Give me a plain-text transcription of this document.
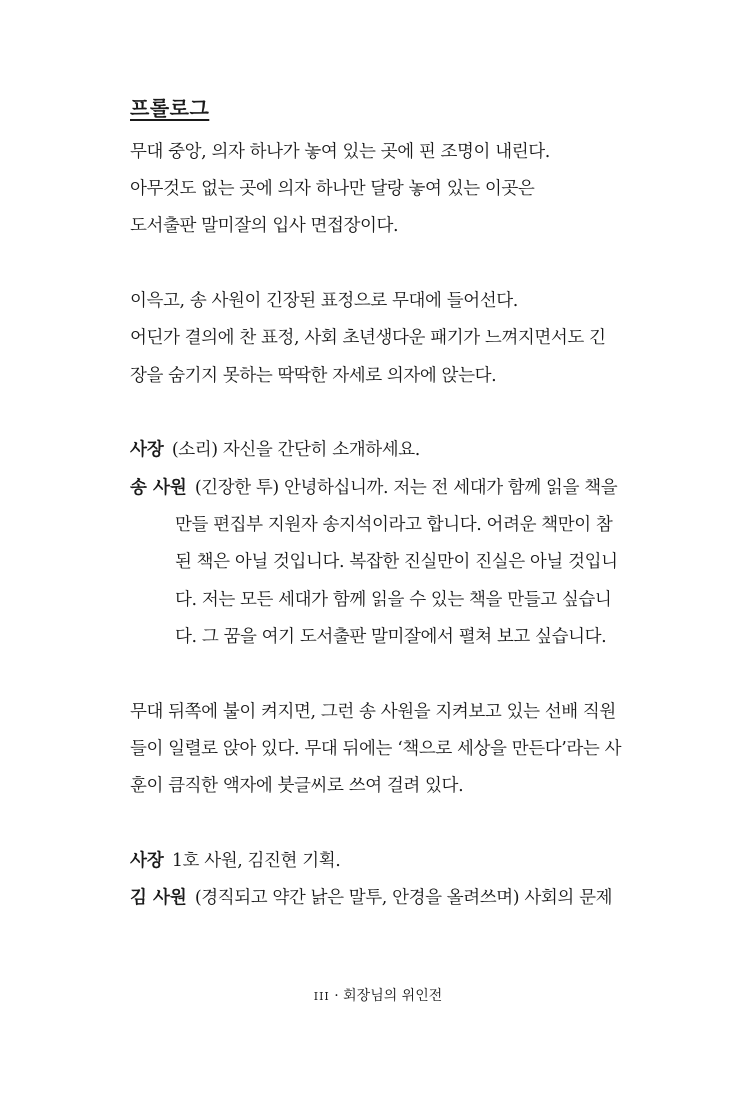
프롤로그

무대 중앙, 의자 하나가 놓여 있는 곳에 핀 조명이 내린다.

아무것도 없는 곳에 의자 하나만 달랑 놓여 있는 이곳은

도서출판 말미잘의 입사 면접장이다.

이윽고, 송 사원이 긴장된 표정으로 무대에 들어선다.

어딘가 결의에 찬 표정, 사회 초년생다운 패기가 느껴지면서도 긴

장을 숨기지 못하는 딱딱한 자세로 의자에 앉는다.

사장 (소리) 자신을 간단히 소개하세요.

송 사원 (긴장한 투) 안녕하십니까. 저는 전 세대가 함께 읽을 책을

만들 편집부 지원자 송지석이라고 합니다. 어려운 책만이 참

된 책은 아닐 것입니다. 복잡한 진실만이 진실은 아닐 것입니

다. 저는 모든 세대가 함께 읽을 수 있는 책을 만들고 싶습니

다. 그 꿈을 여기 도서출판 말미잘에서 펼쳐 보고 싶습니다.

무대 뒤쪽에 불이 켜지면, 그런 송 사원을 지켜보고 있는 선배 직원

들이 일렬로 앉아 있다. 무대 뒤에는 ‘책으로 세상을 만든다’라는 사

훈이 큼직한 액자에 붓글씨로 쓰여 걸려 있다.

사장 1호 사원, 김진현 기획.

김 사원 (경직되고 약간 낡은 말투, 안경을 올려쓰며) 사회의 문제

III · 회장님의 위인전
